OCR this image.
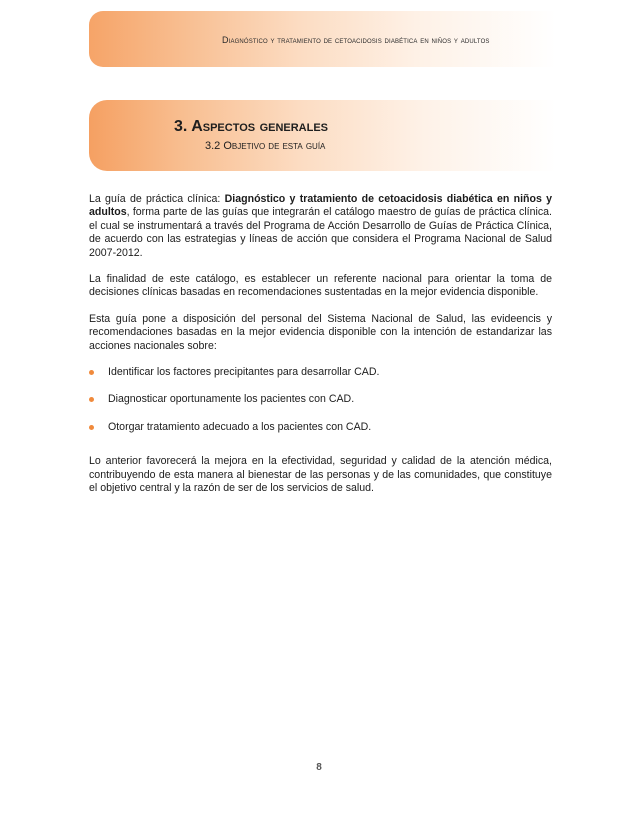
Diagnóstico y tratamiento de cetoacidosis diabética en niños y adultos
3. Aspectos generales
3.2 Objetivo de esta guía

La guía de práctica clínica: Diagnóstico y tratamiento de cetoacidosis diabética en niños y adultos, forma parte de las guías que integrarán el catálogo maestro de guías de práctica clínica. el cual se instrumentará a través del Programa de Acción Desarrollo de Guías de Práctica Clínica, de acuerdo con las estrategias y líneas de acción que considera el Programa Nacional de Salud 2007-2012.

La finalidad de este catálogo, es establecer un referente nacional para orientar la toma de decisiones clínicas basadas en recomendaciones sustentadas en la mejor evidencia disponible.

Esta guía pone a disposición del personal del Sistema Nacional de Salud, las evideencis y recomendaciones basadas en la mejor evidencia disponible con la intención de estandarizar las acciones nacionales sobre:

Identificar los factores precipitantes para desarrollar CAD.
Diagnosticar oportunamente los pacientes con CAD.
Otorgar tratamiento adecuado a los pacientes con CAD.

Lo anterior favorecerá la mejora en la efectividad, seguridad y calidad de la atención médica, contribuyendo de esta manera al bienestar de las personas y de las comunidades, que constituye el objetivo central y la razón de ser de los servicios de salud.

8
